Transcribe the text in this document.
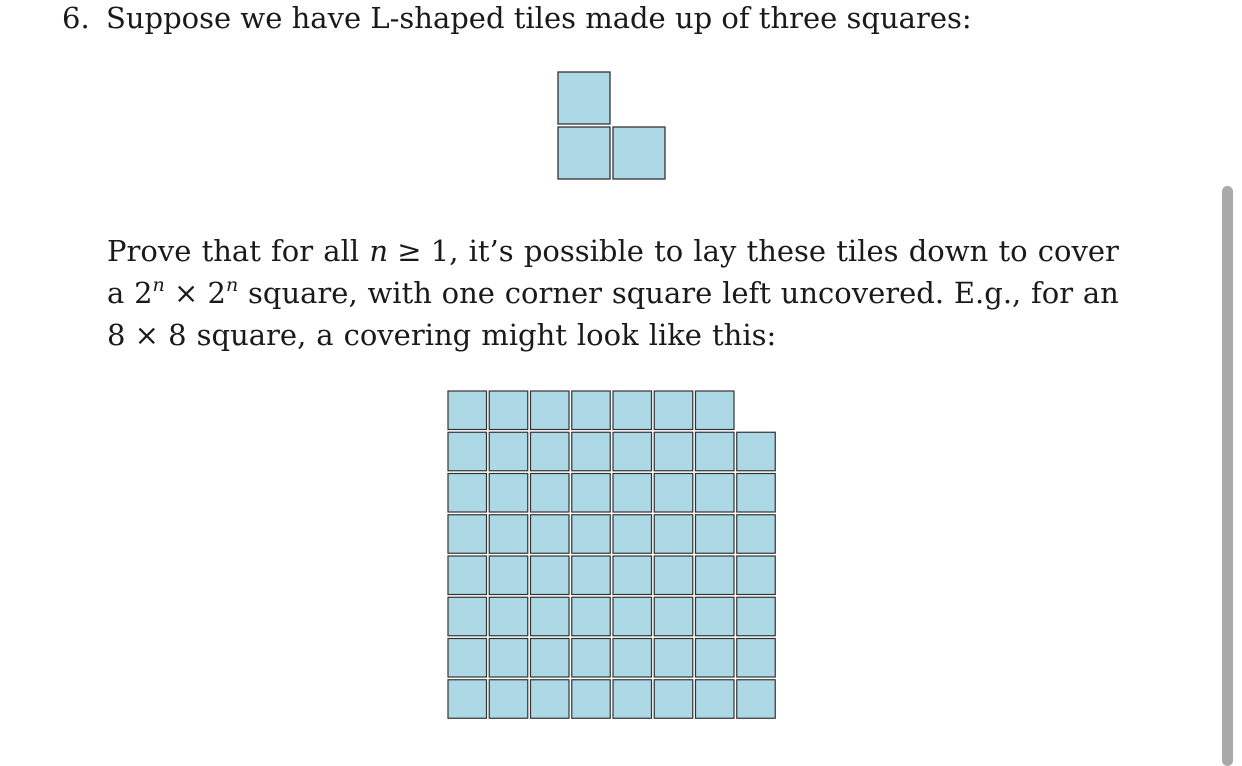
6. Suppose we have L-shaped tiles made up of three squares:
Prove that for all n ≥ 1, it’s possible to lay these tiles down to cover
a $2^n \times 2^n$ square, with one corner square left uncovered. E.g., for an
8 × 8 square, a covering might look like this:
